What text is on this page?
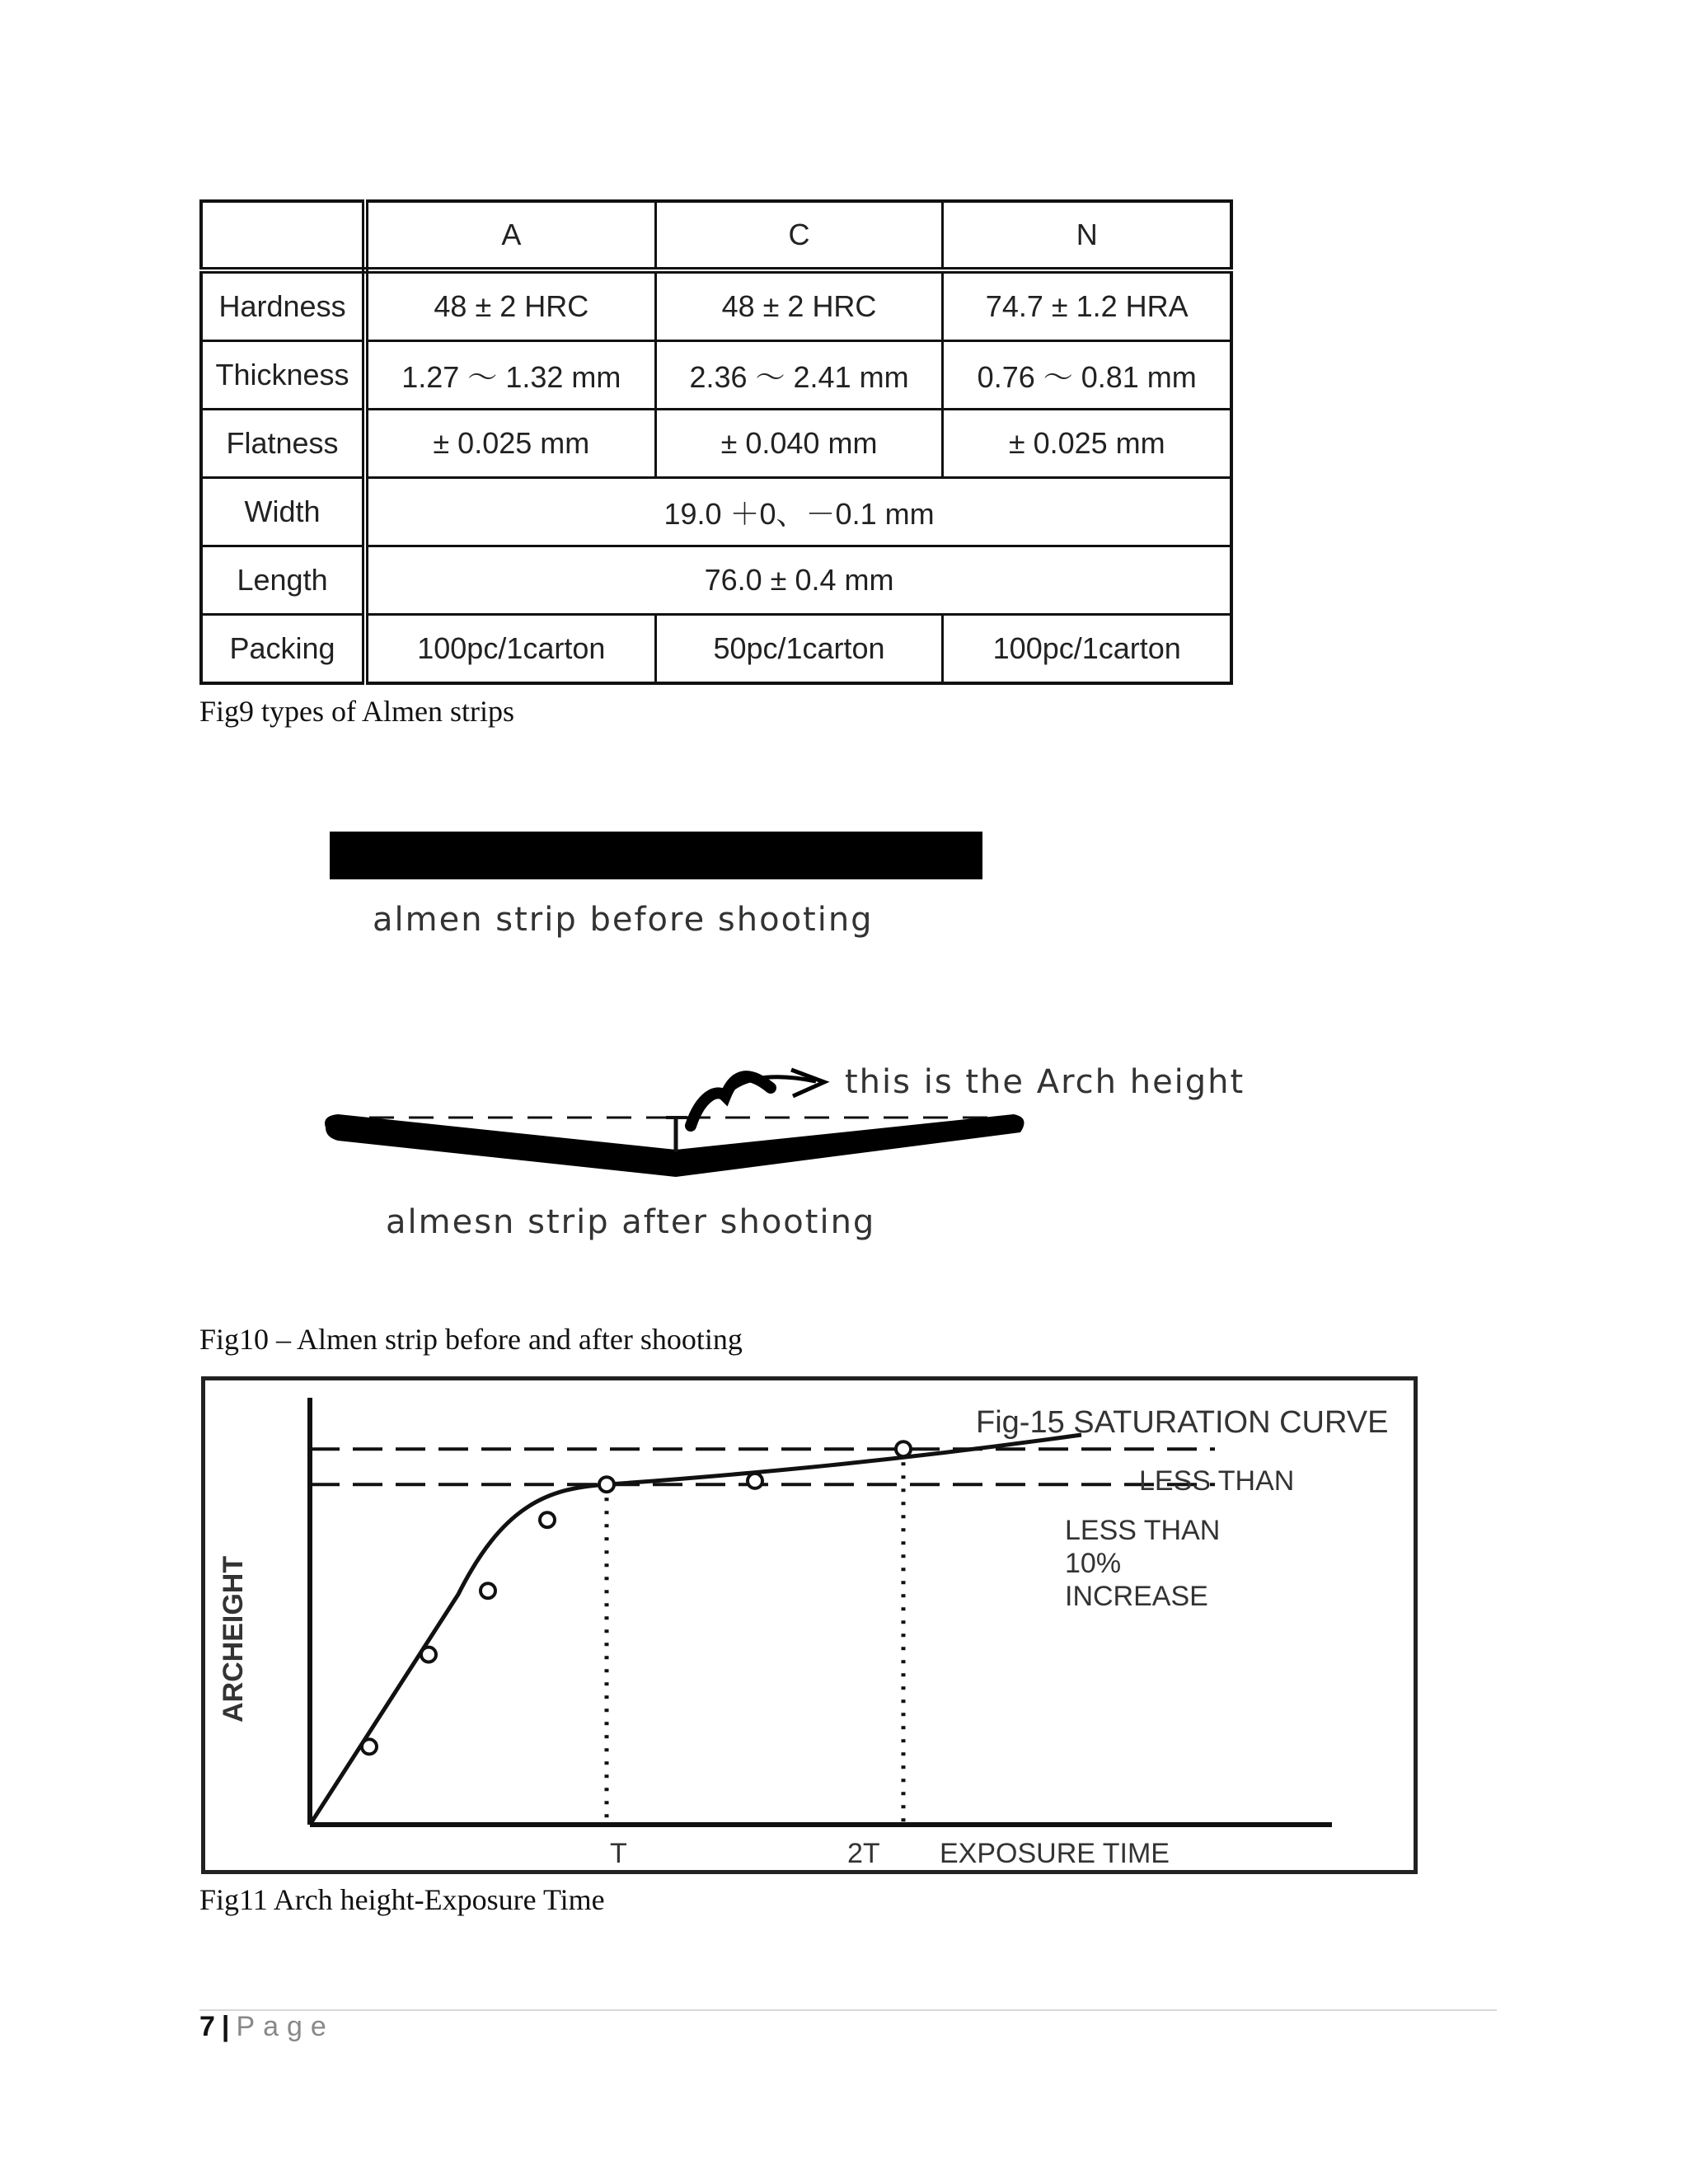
	A	C	N
Hardness	48 ± 2 HRC	48 ± 2 HRC	74.7 ± 1.2 HRA
Thickness	1.27 ～ 1.32 mm	2.36 ～ 2.41 mm	0.76 ～ 0.81 mm
Flatness	± 0.025 mm	± 0.040 mm	± 0.025 mm
Width	19.0 ＋0、－0.1 mm		
Length	76.0 ± 0.4 mm		
Packing	100pc/1carton	50pc/1carton	100pc/1carton
Fig9 types of Almen strips
almen strip before shooting
this is the Arch height
almesn strip after shooting
Fig10 – Almen strip before and after shooting
Fig-15 SATURATION CURVE
LESS THAN
LESS THAN
10%
INCREASE
T	2T EXPOSURE TIME
ARCHEIGHT
Fig11 Arch height-Exposure Time
7 | Page
